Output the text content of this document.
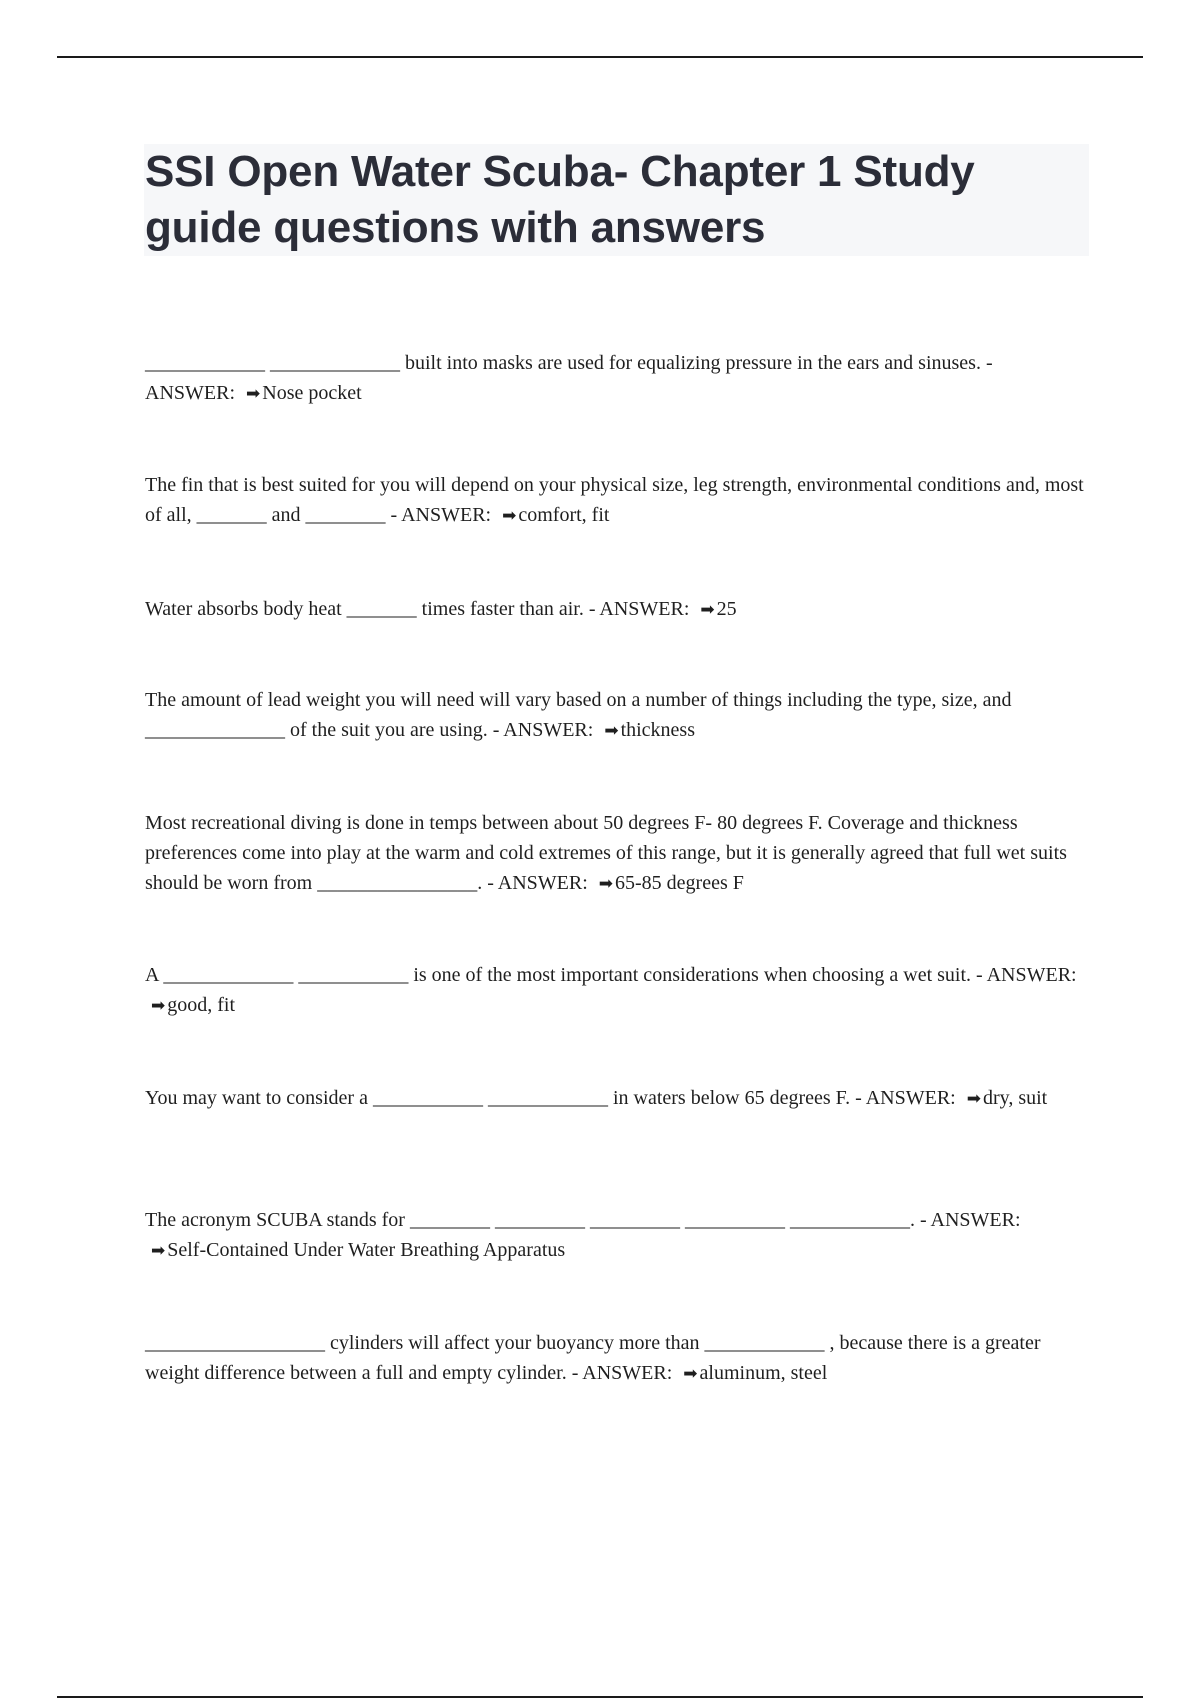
SSI Open Water Scuba- Chapter 1 Study guide questions with answers

____________ _____________ built into masks are used for equalizing pressure in the ears and sinuses. - ANSWER: ➡ Nose pocket

The fin that is best suited for you will depend on your physical size, leg strength, environmental conditions and, most of all, _______ and ________ - ANSWER: ➡ comfort, fit

Water absorbs body heat _______ times faster than air. - ANSWER: ➡ 25

The amount of lead weight you will need will vary based on a number of things including the type, size, and ______________ of the suit you are using. - ANSWER: ➡ thickness

Most recreational diving is done in temps between about 50 degrees F- 80 degrees F. Coverage and thickness preferences come into play at the warm and cold extremes of this range, but it is generally agreed that full wet suits should be worn from ________________. - ANSWER: ➡ 65-85 degrees F

A _____________ ___________ is one of the most important considerations when choosing a wet suit. - ANSWER: ➡ good, fit

You may want to consider a ___________ ____________ in waters below 65 degrees F. - ANSWER: ➡ dry, suit

The acronym SCUBA stands for ________ _________ _________ __________ ____________. - ANSWER: ➡ Self-Contained Under Water Breathing Apparatus

__________________ cylinders will affect your buoyancy more than ____________ , because there is a greater weight difference between a full and empty cylinder. - ANSWER: ➡ aluminum, steel
